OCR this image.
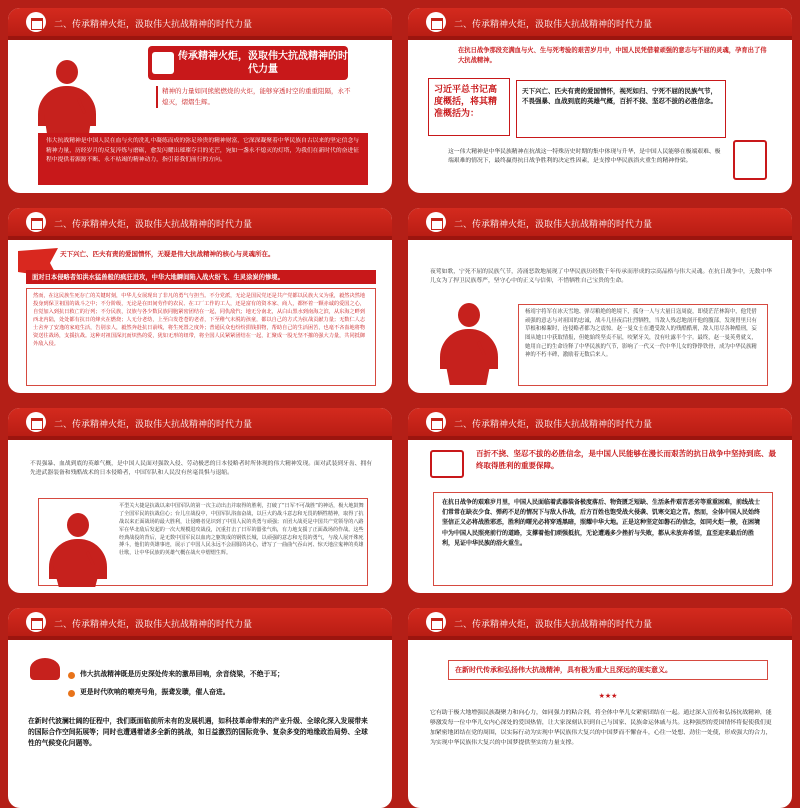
二、传承精神火炬，汲取伟大抗战精神的时代力量
传承精神火炬，汲取伟大抗战精神的时代力量
精神的力量如同熊熊燃烧的火炬，能够穿透时空的重重阻隔，永不熄灭，熠熠生辉。
伟大抗战精神是中国人民在血与火的洗礼中凝练而成的弥足珍贵的精神财富，它深深凝聚着中华民族自古以来的坚定信念与精神力量，历经岁月的反复淬炼与磨砺，愈发闪耀出璀璨夺目的光芒，宛如一盏永不熄灭的灯塔，为我们在新时代的奋进征程中提供着源源不断、永不枯竭的精神动力，指引着我们前行的方向。
二、传承精神火炬，汲取伟大抗战精神的时代力量
在抗日战争那段充满血与火、生与死考验的艰苦岁月中，中国人民凭借着顽强的意志与不屈的灵魂，孕育出了伟大抗战精神。
习近平总书记高度概括，将其精准概括为：
天下兴亡、匹夫有责的爱国情怀，视死如归、宁死不屈的民族气节，不畏强暴、血战到底的英雄气概，百折不挠、坚忍不拔的必胜信念。
这一伟大精神是中华民族精神在抗战这一特殊历史时期的集中体现与升华，是中国人民能够在极端艰难、极端艰难的情况下，最终赢得抗日战争胜利的决定性因素，是支撑中华民族浴火重生的精神脊梁。
二、传承精神火炬，汲取伟大抗战精神的时代力量
天下兴亡、匹夫有责的爱国情怀，无疑是伟大抗战精神的核心与灵魂所在。
面对日本侵略者如洪水猛兽般的疯狂进攻，中华大地瞬间陷入战火纷飞、生灵涂炭的惨境。
然而，在这民族生死存亡的关键时刻，中华儿女展现出了非凡的勇气与担当。不分党派，无论是国民党还是共产党都以民族大义为重，毅然决然地投身到保卫祖国的战斗之中；不分阶级，无论是在田间劳作的农民、在工厂工作的工人，还是富有的资本家、商人，都怀着一颗赤诚的爱国之心，自觉加入到抗日救亡的行列；不分民族，汉族与各少数民族同胞紧密团结在一起，同仇敌忾；地无分南北，从白山黑水到南海之滨，从东海之畔到西北内陆，处处都有抗日的烽火在燃烧；人无分老幼，上至白发苍苍的老者，下至稚气未脱的孩童，都以自己的方式为抗战贡献力量；无数仁人志士舍弃了安逸的家庭生活，告别亲人，毅然奔赴抗日前线，将生死置之度外；普通民众也纷纷捐钱捐物，帮助自己的生活困苦，也毫不吝啬地将物资送往战场，支援抗战。这种对祖国深沉而炽热的爱，犹如无形的纽带，将全国人民紧紧团结在一起，汇聚成一股无坚不摧的强大力量，共同抵御外敌入侵。
二、传承精神火炬，汲取伟大抗战精神的时代力量
夜莺如歌，宁死不屈的民族气节，涛涌恶敌地展现了中华民族历经数千年传承而形成的宗高品格与伟大灵魂。在抗日战争中，无数中华儿女为了捍卫民族尊严，坚守心中的正义与信仰，不惜牺牲自己宝贵的生命。
杨靖宇将军在冰天雪地、弹尽粮绝的绝境下，孤身一人与大量日寇周旋，即使茫茫林海中，他凭借顽强的意志与对祖国的忠诚，战斗几昼夜后壮烈牺牲，当敌人残忍地剖开他的腹部，发现胃里只有草根和棉絮时，连侵略者都为之震惊。赵一曼女士在遭受敌人的残酷酷刑，敌人用尽各种酷刑，妄图从她口中获取情报，但她始终坚贞不屈，咬紧牙关，没有吐露半个字。最终，赵一曼英勇就义，她用自己的生命诠释了中华民族的气节，影响了一代又一代中华儿女的铮铮铁骨，成为中华民族精神的不朽丰碑，激励着无数后来人。
二、传承精神火炬，汲取伟大抗战精神的时代力量
不畏强暴、血战到底的英雄气概，是中国人民面对强敌入侵、劳动极恶的日本侵略者时所体现的伟大精神发现。面对武装到牙齿、拥有先进武器装备和残酷战术的日本侵略者，中国军队和人民没有丝毫畏惧与退缩。
平型关大捷是抗战以来中国军队的第一次主动出击并取得的胜利，打破了“日军不可战胜”的神话，极大地鼓舞了全国军民的抗战信心；台儿庄战役中，中国军队浴血奋战，以巨大的战斗意志和无畏的牺牲精神，取得了抗战以来正面战场的最大胜利，让侵略者见识到了中国人民的英勇与顽强；百团大战更是中国共产党领导的八路军在华北敌后发起的一次大规模进攻战役，沉重打击了日军的嚣张气焰，有力地支援了正面战场的作战。这些经典战役的背后，是无数中国军民以血肉之躯筑成的钢铁长城，以顽强的意志和无畏的勇气，与敌人展开殊死搏斗，他们的英雄事迹，展示了中国人民永远不会屈服的决心，谱写了一曲曲气吞山河、惊天地泣鬼神的英雄壮歌，让中华民族的英雄气概在战火中熠熠生辉。
二、传承精神火炬，汲取伟大抗战精神的时代力量
百折不挠、坚忍不拔的必胜信念，是中国人民能够在漫长而艰苦的抗日战争中坚持到底、最终取得胜利的重要保障。
在抗日战争的艰难岁月里，中国人民面临着武器装备极度落后、物资匮乏短缺、生活条件艰苦恶劣等重重困难，前线战士们常常在缺衣少食、弹药不足的情况下与敌人作战，后方百姓也饱受战火侵袭、饥寒交迫之苦。然而，全体中国人民始终坚信正义必将战胜邪恶，胜利的曙光必将穿透黑暗，照耀中华大地。正是这种坚定如磐石的信念，如同火炬一般，在困境中为中国人民照亮前行的道路，支撑着他们顽强抵抗，无论遭遇多少挫折与失败，都从未放弃希望，直至迎来最后的胜利，见证中华民族的浴火重生。
二、传承精神火炬，汲取伟大抗战精神的时代力量
伟大抗战精神既是历史深处传来的激昂回响，余音绕梁，不绝于耳；
更是时代吹响的嘹亮号角，振聋发聩，催人奋进。
在新时代波澜壮阔的征程中，我们既面临前所未有的发展机遇，如科技革命带来的产业升级、全球化深入发展带来的国际合作空间拓展等；同时也遭遇着诸多全新的挑战，如日益激烈的国际竞争、复杂多变的地缘政治局势、全球性的气候变化问题等。
二、传承精神火炬，汲取伟大抗战精神的时代力量
在新时代传承和弘扬伟大抗战精神，具有极为重大且深远的现实意义。
★★★
它有助于极大地增强民族凝聚力和向心力，如同强力的粘合剂，将全体中华儿女紧密团结在一起。通过深入宣传和弘扬抗战精神，能够激发每一位中华儿女内心深处的爱国热情，让大家深刻认识到自己与国家、民族命运休戚与共。这种强烈的爱国情怀将促使我们更加紧密地团结在党的周围，以实际行动为实现中华民族伟大复兴的中国梦而不懈奋斗，心往一处想、劲往一处使，形成强大的合力，为实现中华民族伟大复兴的中国梦提供坚实的力量支撑。
